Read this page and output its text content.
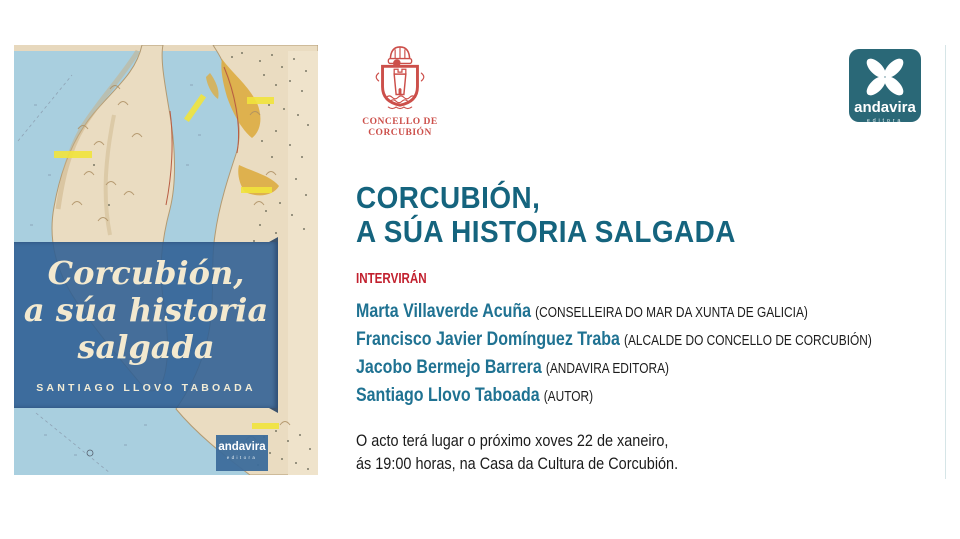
Corcubión,
a súa historia
salgada
SANTIAGO LLOVO TABOADA
andavira
editora
CONCELLO DE
CORCUBIÓN
andavira
editora
CORCUBIÓN,
A SÚA HISTORIA SALGADA
INTERVIRÁN
Marta Villaverde Acuña (CONSELLEIRA DO MAR DA XUNTA DE GALICIA)
Francisco Javier Domínguez Traba (ALCALDE DO CONCELLO DE CORCUBIÓN)
Jacobo Bermejo Barrera (ANDAVIRA EDITORA)
Santiago Llovo Taboada (AUTOR)
O acto terá lugar o próximo xoves 22 de xaneiro,
ás 19:00 horas, na Casa da Cultura de Corcubión.
